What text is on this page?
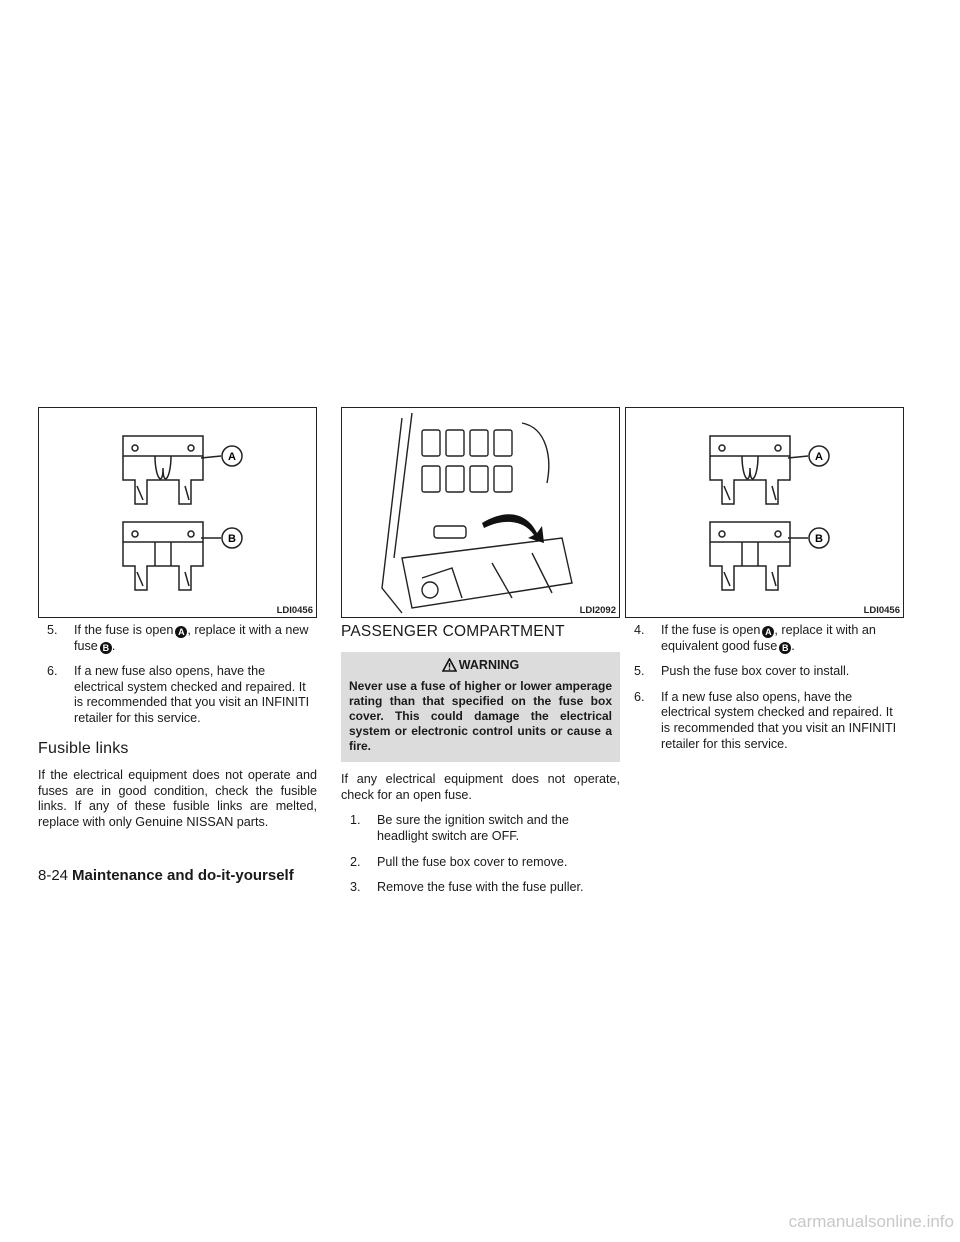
A
B
LDI0456
5. If the fuse is open A , replace it with a new fuse B .
6. If a new fuse also opens, have the electrical system checked and repaired. It is recommended that you visit an INFINITI retailer for this service.
Fusible links

If the electrical equipment does not operate and fuses are in good condition, check the fusible links. If any of these fusible links are melted, replace with only Genuine NISSAN parts.

LDI2092
PASSENGER COMPARTMENT
WARNING
Never use a fuse of higher or lower amperage rating than that specified on the fuse box cover. This could damage the electrical system or electronic control units or cause a fire.

If any electrical equipment does not operate, check for an open fuse.

1. Be sure the ignition switch and the headlight switch are OFF.
2. Pull the fuse box cover to remove.
3. Remove the fuse with the fuse puller.
A
B
LDI0456
4. If the fuse is open A , replace it with an equivalent good fuse B .
5. Push the fuse box cover to install.
6. If a new fuse also opens, have the electrical system checked and repaired. It is recommended that you visit an INFINITI retailer for this service.
8-24 Maintenance and do-it-yourself
carmanualsonline.info
